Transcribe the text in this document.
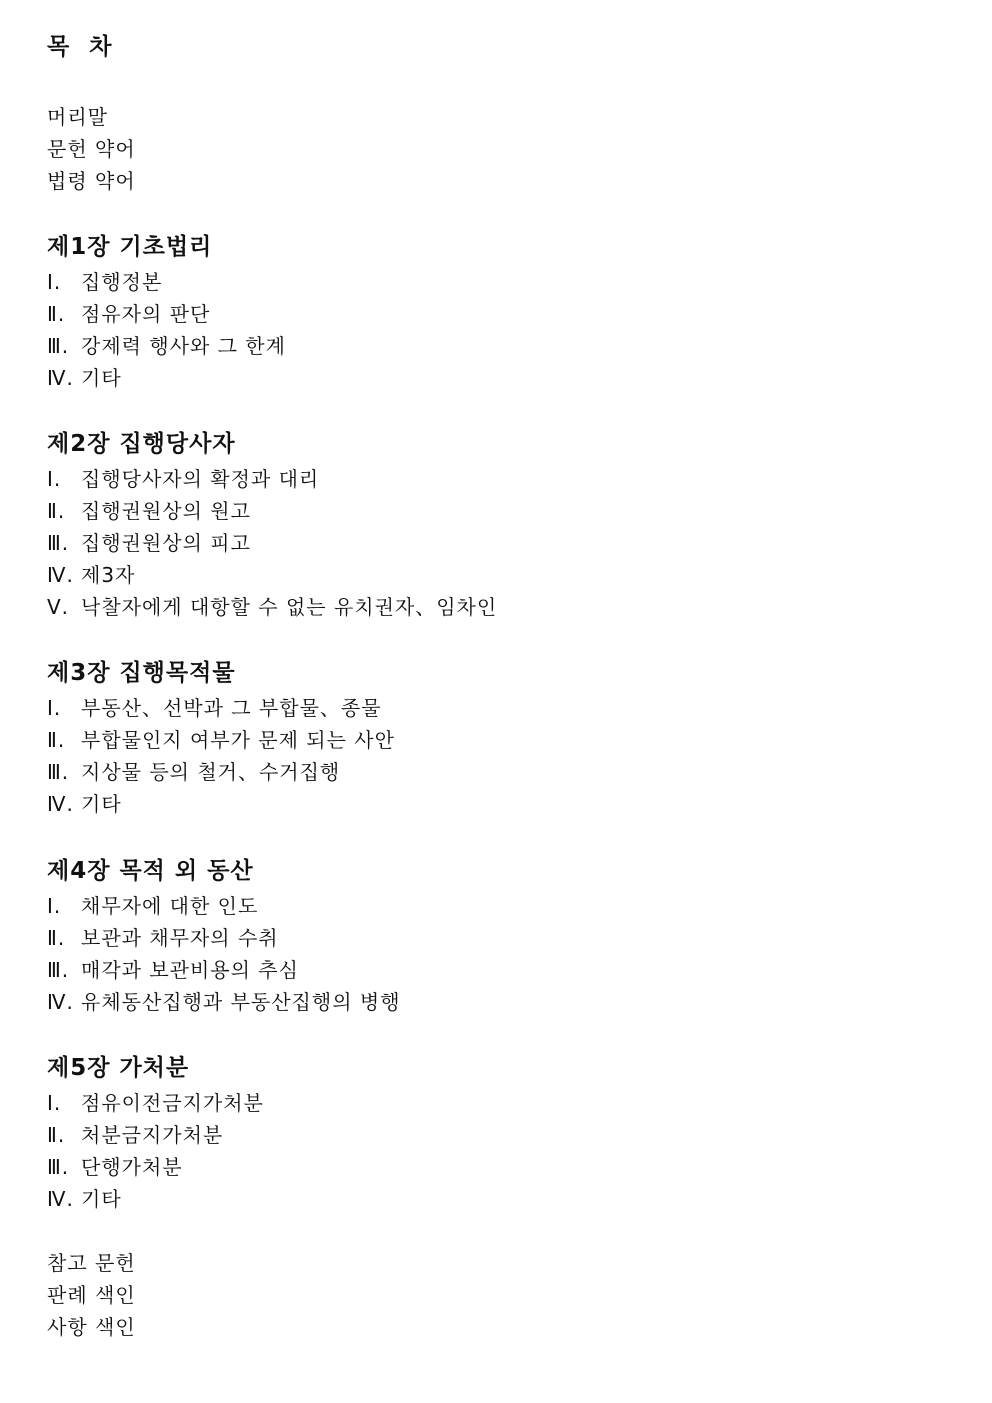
목 차
머리말
문헌 약어
법령 약어
제1장 기초법리
Ⅰ. 집행정본
Ⅱ. 점유자의 판단
Ⅲ. 강제력 행사와 그 한계
Ⅳ. 기타
제2장 집행당사자
Ⅰ. 집행당사자의 확정과 대리
Ⅱ. 집행권원상의 원고
Ⅲ. 집행권원상의 피고
Ⅳ. 제3자
Ⅴ. 낙찰자에게 대항할 수 없는 유치권자、임차인
제3장 집행목적물
Ⅰ. 부동산、선박과 그 부합물、종물
Ⅱ. 부합물인지 여부가 문제 되는 사안
Ⅲ. 지상물 등의 철거、수거집행
Ⅳ. 기타
제4장 목적 외 동산
Ⅰ. 채무자에 대한 인도
Ⅱ. 보관과 채무자의 수취
Ⅲ. 매각과 보관비용의 추심
Ⅳ. 유체동산집행과 부동산집행의 병행
제5장 가처분
Ⅰ. 점유이전금지가처분
Ⅱ. 처분금지가처분
Ⅲ. 단행가처분
Ⅳ. 기타
참고 문헌
판례 색인
사항 색인
